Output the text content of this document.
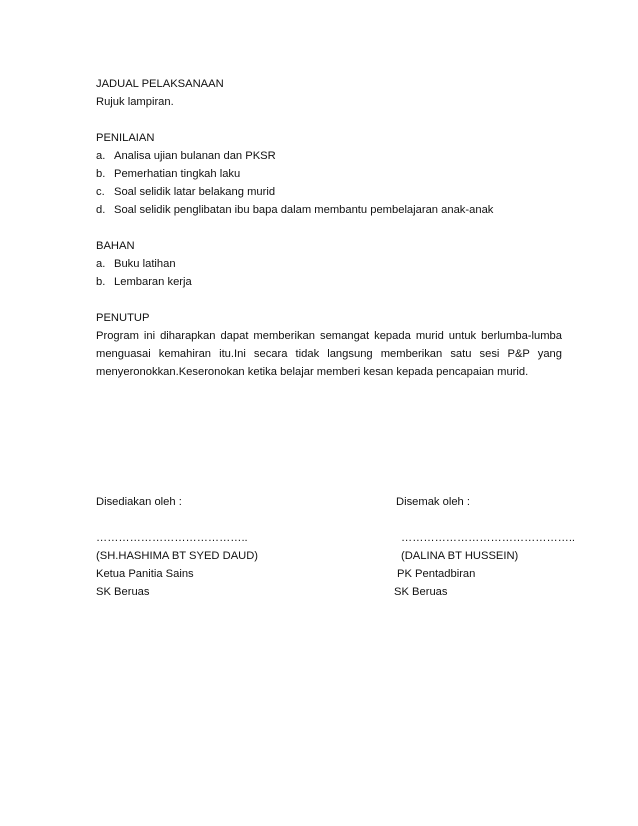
JADUAL PELAKSANAAN
Rujuk lampiran.
PENILAIAN
a. Analisa ujian bulanan dan PKSR
b. Pemerhatian tingkah laku
c. Soal selidik latar belakang murid
d. Soal selidik penglibatan ibu bapa dalam membantu pembelajaran anak-anak
BAHAN
a. Buku latihan
b. Lembaran kerja
PENUTUP

Program ini diharapkan dapat memberikan semangat kepada murid untuk berlumba-lumba menguasai kemahiran itu.Ini secara tidak langsung memberikan satu sesi P&P yang menyeronokkan.Keseronokan ketika belajar memberi kesan kepada pencapaian murid.

Disediakan oleh :	Disemak oleh :
…………………………………..	………………………………………..
(SH.HASHIMA BT SYED DAUD)	(DALINA BT HUSSEIN)
Ketua Panitia Sains	PK Pentadbiran
SK Beruas	SK Beruas
